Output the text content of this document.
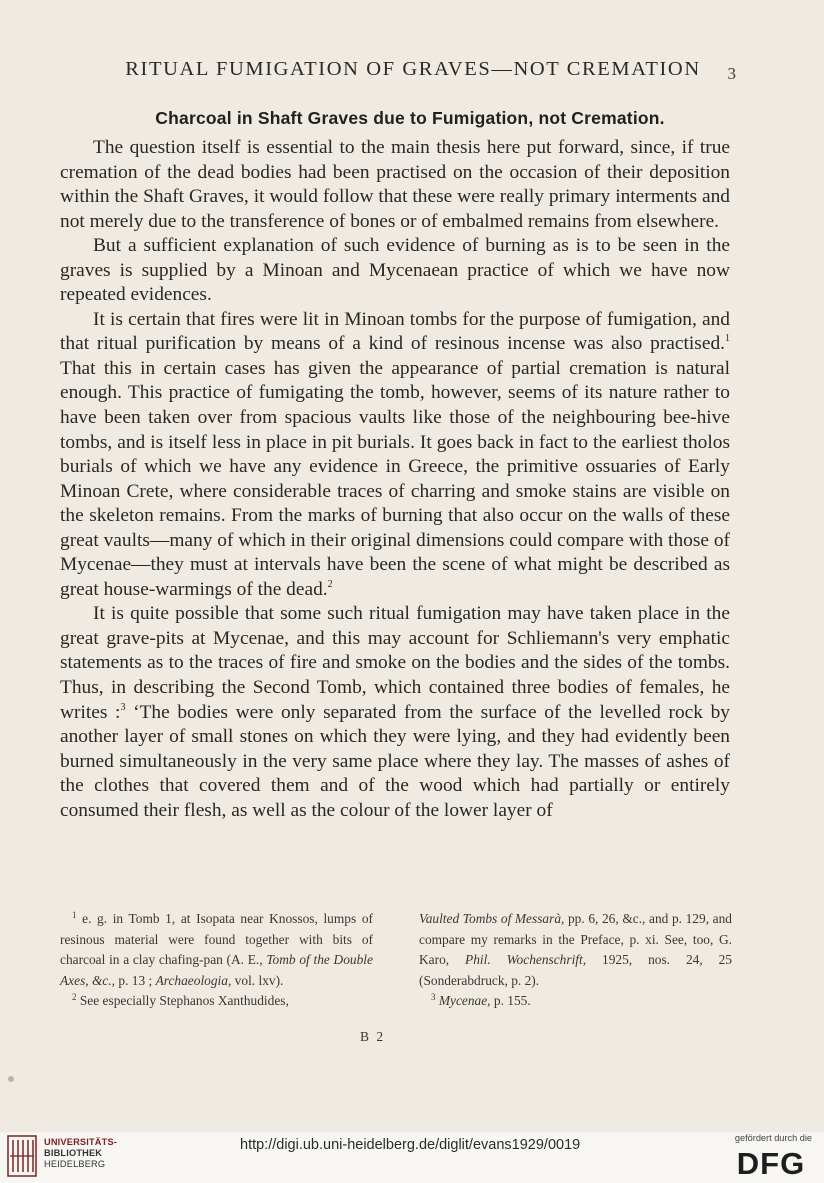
RITUAL FUMIGATION OF GRAVES—NOT CREMATION	3
Charcoal in Shaft Graves due to Fumigation, not Cremation.

The question itself is essential to the main thesis here put forward, since, if true cremation of the dead bodies had been practised on the occasion of their deposition within the Shaft Graves, it would follow that these were really primary interments and not merely due to the transference of bones or of embalmed remains from elsewhere.

But a sufficient explanation of such evidence of burning as is to be seen in the graves is supplied by a Minoan and Mycenaean practice of which we have now repeated evidences.

It is certain that fires were lit in Minoan tombs for the purpose of fumigation, and that ritual purification by means of a kind of resinous incense was also practised.$^1$ That this in certain cases has given the appearance of partial cremation is natural enough. This practice of fumigating the tomb, however, seems of its nature rather to have been taken over from spacious vaults like those of the neighbouring bee-hive tombs, and is itself less in place in pit burials. It goes back in fact to the earliest tholos burials of which we have any evidence in Greece, the primitive ossuaries of Early Minoan Crete, where considerable traces of charring and smoke stains are visible on the skeleton remains. From the marks of burning that also occur on the walls of these great vaults—many of which in their original dimensions could compare with those of Mycenae—they must at intervals have been the scene of what might be described as great house-warmings of the dead.$^2$

It is quite possible that some such ritual fumigation may have taken place in the great grave-pits at Mycenae, and this may account for Schliemann's very emphatic statements as to the traces of fire and smoke on the bodies and the sides of the tombs. Thus, in describing the Second Tomb, which contained three bodies of females, he writes :$^3$ ‘The bodies were only separated from the surface of the levelled rock by another layer of small stones on which they were lying, and they had evidently been burned simultaneously in the very same place where they lay. The masses of ashes of the clothes that covered them and of the wood which had partially or entirely consumed their flesh, as well as the colour of the lower layer of

$^1$ e. g. in Tomb 1, at Isopata near Knossos, lumps of resinous material were found together with bits of charcoal in a clay chafing-pan (A. E., Tomb of the Double Axes, &c., p. 13 ; Archaeologia, vol. lxv).

$^2$ See especially Stephanos Xanthudides,

Vaulted Tombs of Messarà, pp. 6, 26, &c., and p. 129, and compare my remarks in the Preface, p. xi. See, too, G. Karo, Phil. Wochenschrift, 1925, nos. 24, 25 (Sonderabdruck, p. 2).

$^3$ Mycenae, p. 155.

B 2
UNIVERSITÄTS-
BIBLIOTHEK
HEIDELBERG
http://digi.ub.uni-heidelberg.de/diglit/evans1929/0019	gefördert durch die
DFG
